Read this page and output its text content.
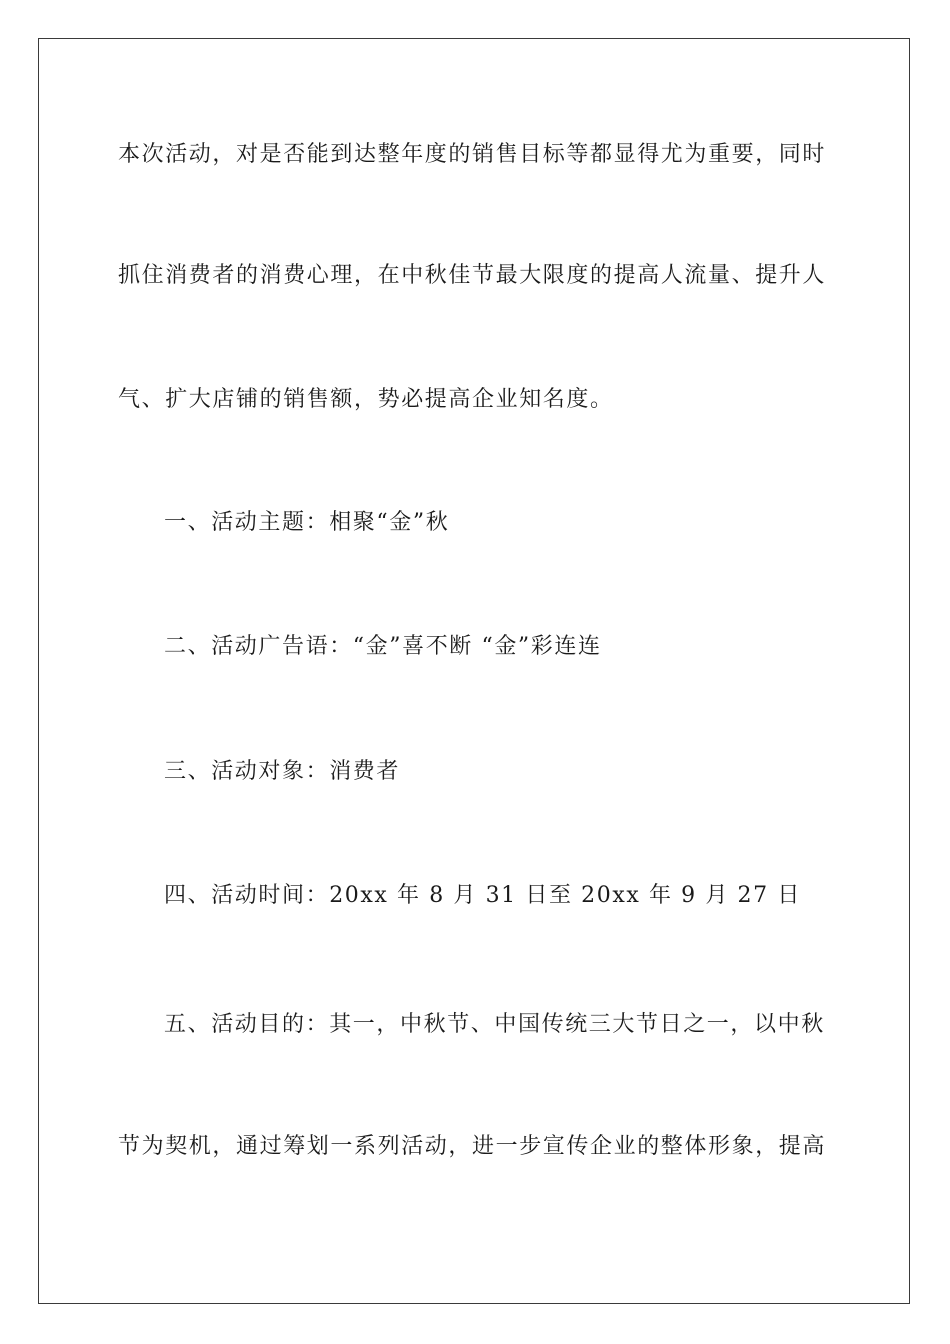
本次活动，对是否能到达整年度的销售目标等都显得尤为重要，同时
抓住消费者的消费心理，在中秋佳节最大限度的提高人流量、提升人
气、扩大店铺的销售额，势必提高企业知名度。
一、活动主题：相聚“金”秋
二、活动广告语：“金”喜不断 “金”彩连连
三、活动对象：消费者
四、活动时间：20xx 年 8 月 31 日至 20xx 年 9 月 27 日
五、活动目的：其一，中秋节、中国传统三大节日之一，以中秋
节为契机，通过筹划一系列活动，进一步宣传企业的整体形象，提高
